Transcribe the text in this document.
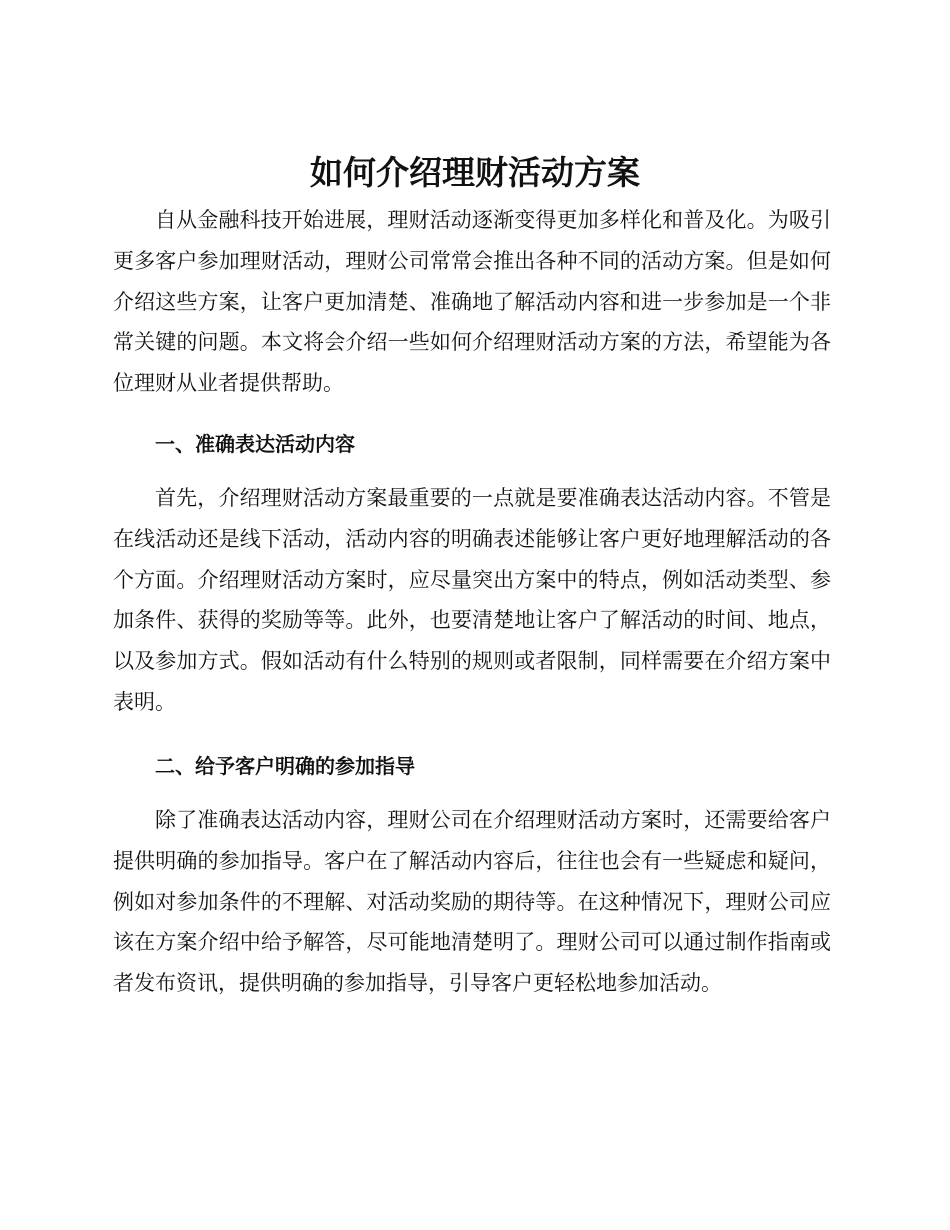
如何介绍理财活动方案

自从金融科技开始进展，理财活动逐渐变得更加多样化和普及化。为吸引更多客户参加理财活动，理财公司常常会推出各种不同的活动方案。但是如何介绍这些方案，让客户更加清楚、准确地了解活动内容和进一步参加是一个非常关键的问题。本文将会介绍一些如何介绍理财活动方案的方法，希望能为各位理财从业者提供帮助。

一、准确表达活动内容

首先，介绍理财活动方案最重要的一点就是要准确表达活动内容。不管是在线活动还是线下活动，活动内容的明确表述能够让客户更好地理解活动的各个方面。介绍理财活动方案时，应尽量突出方案中的特点，例如活动类型、参加条件、获得的奖励等等。此外，也要清楚地让客户了解活动的时间、地点，以及参加方式。假如活动有什么特别的规则或者限制，同样需要在介绍方案中表明。

二、给予客户明确的参加指导

除了准确表达活动内容，理财公司在介绍理财活动方案时，还需要给客户提供明确的参加指导。客户在了解活动内容后，往往也会有一些疑虑和疑问，例如对参加条件的不理解、对活动奖励的期待等。在这种情况下，理财公司应该在方案介绍中给予解答，尽可能地清楚明了。理财公司可以通过制作指南或者发布资讯，提供明确的参加指导，引导客户更轻松地参加活动。
